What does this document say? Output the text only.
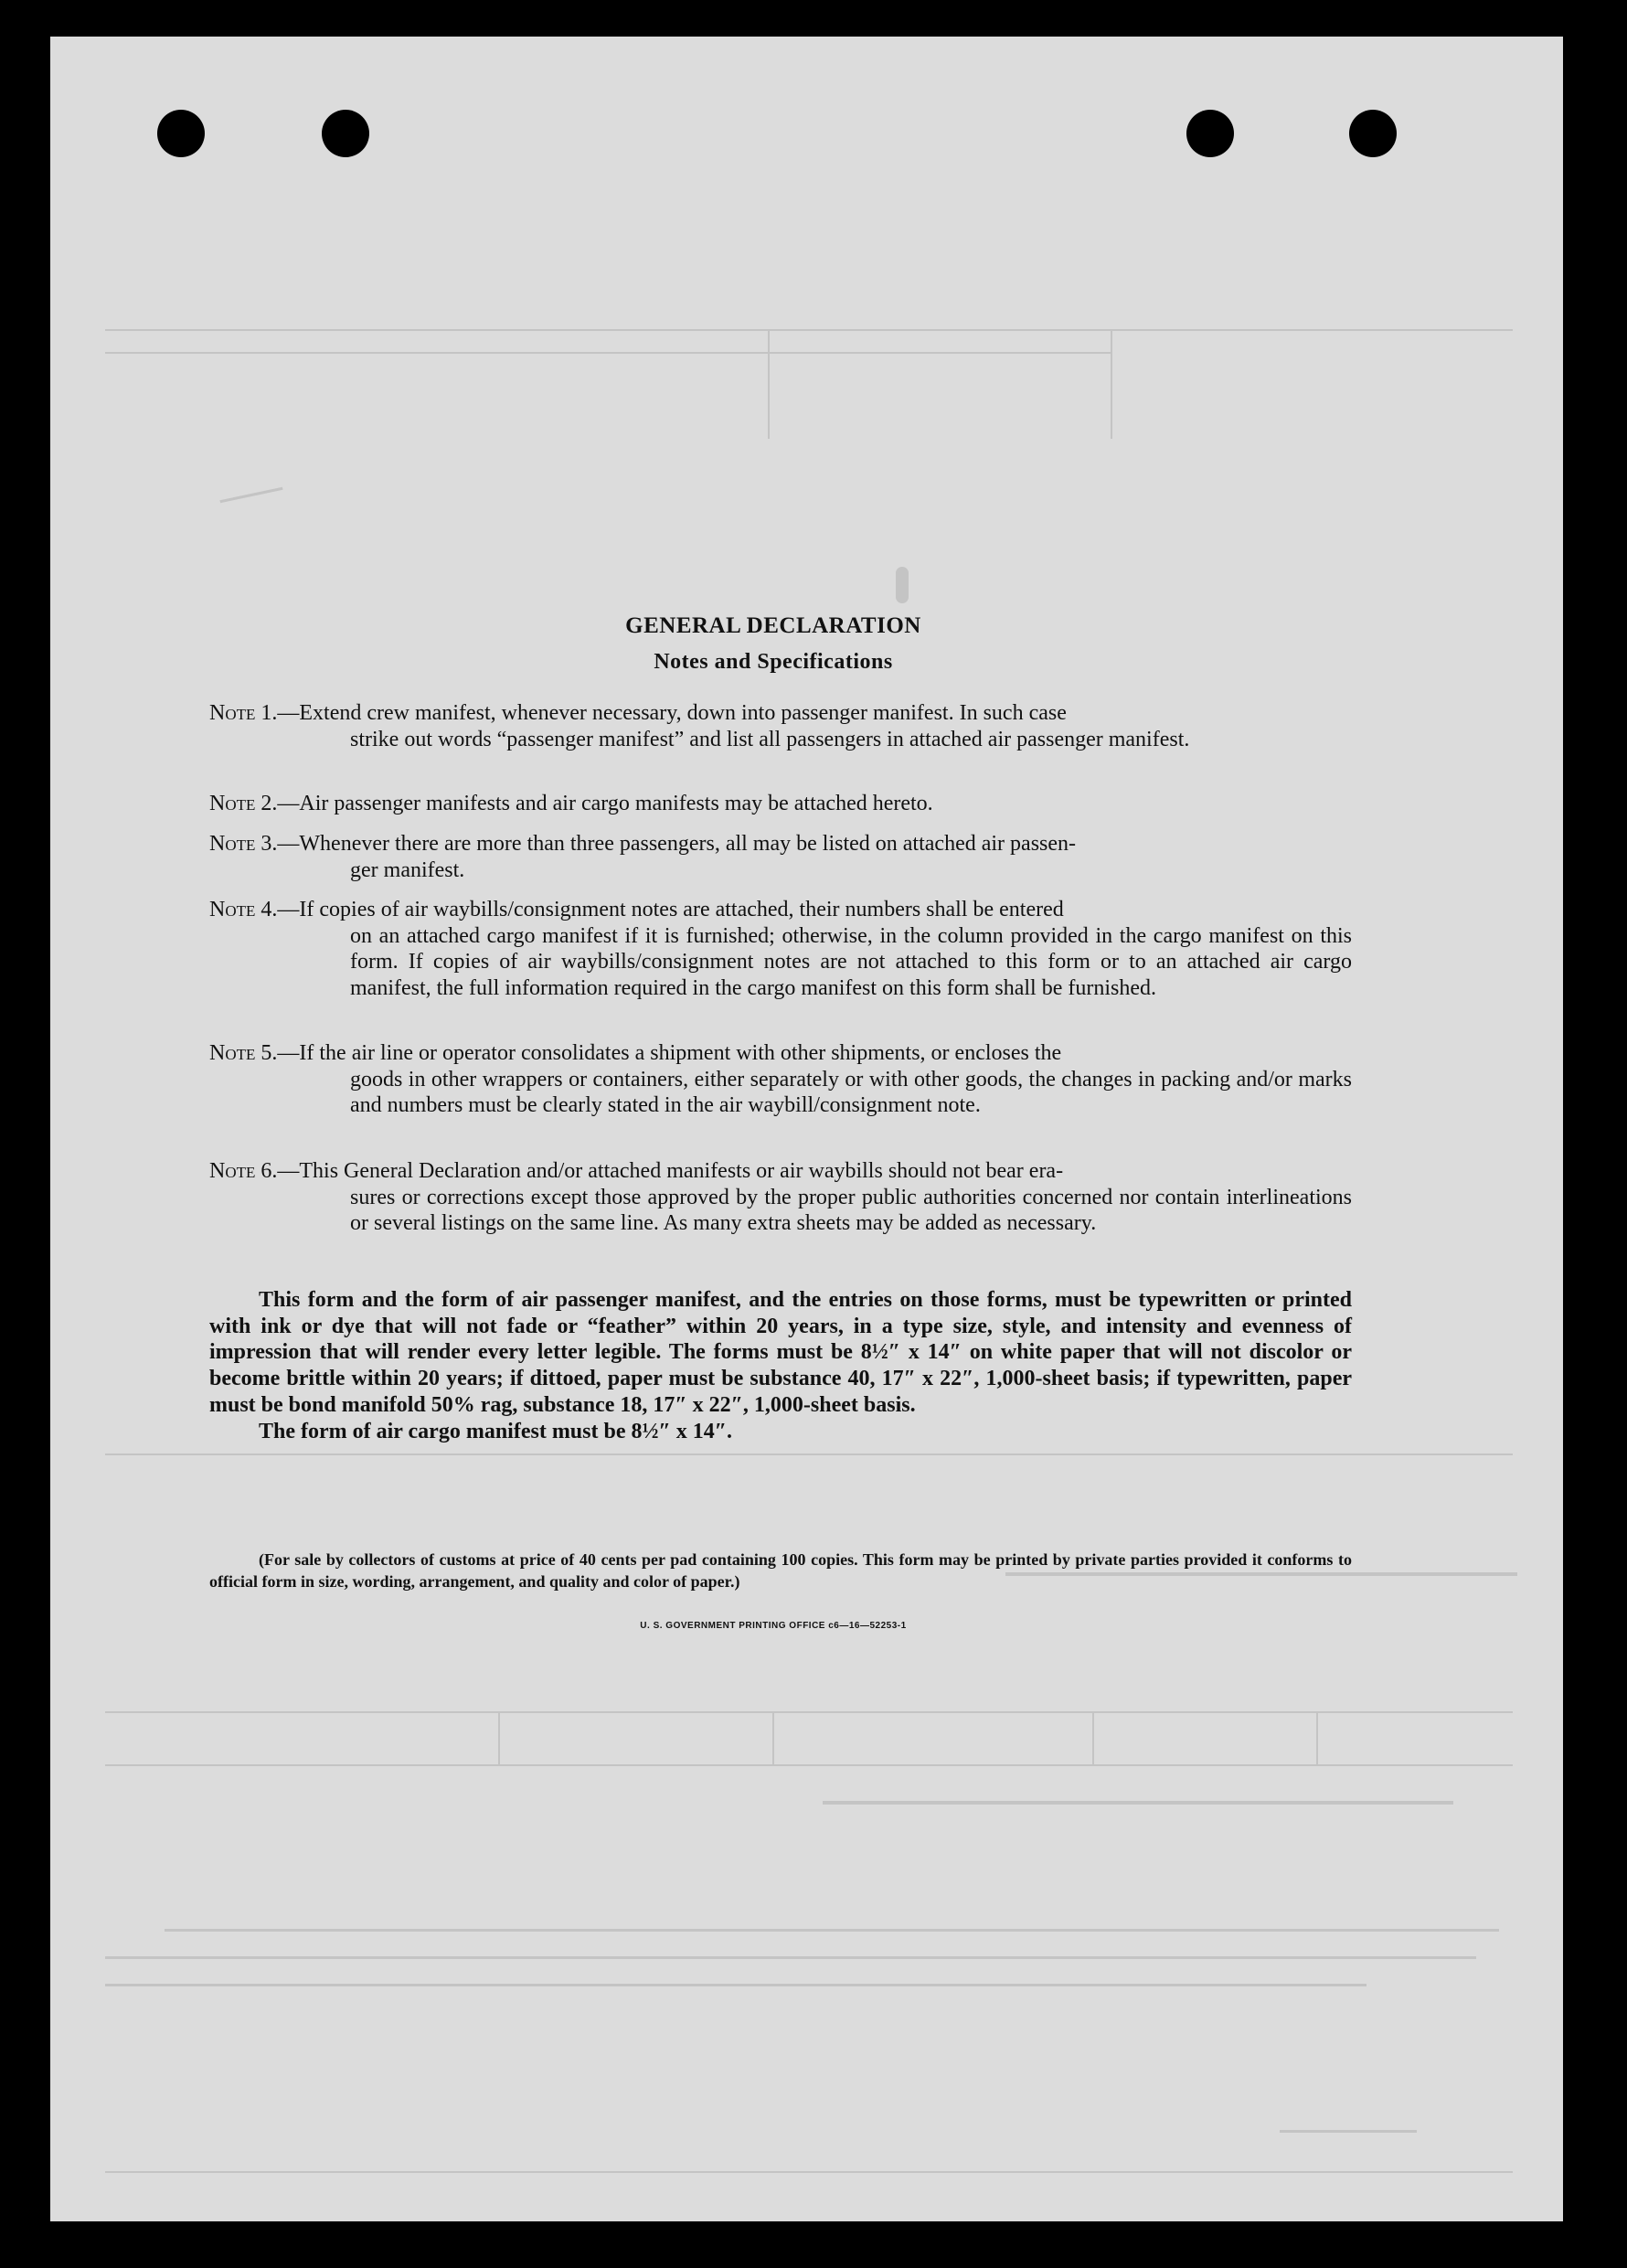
GENERAL DECLARATION
Notes and Specifications
Note 1.—Extend crew manifest, whenever necessary, down into passenger manifest. In such case
strike out words “passenger manifest” and list all passengers in attached air passenger manifest.
Note 2.—Air passenger manifests and air cargo manifests may be attached hereto.
Note 3.—Whenever there are more than three passengers, all may be listed on attached air passen-
ger manifest.
Note 4.—If copies of air waybills/consignment notes are attached, their numbers shall be entered
on an attached cargo manifest if it is furnished; otherwise, in the column provided in the cargo manifest on this form. If copies of air waybills/consignment notes are not attached to this form or to an attached air cargo manifest, the full information required in the cargo manifest on this form shall be furnished.
Note 5.—If the air line or operator consolidates a shipment with other shipments, or encloses the
goods in other wrappers or containers, either separately or with other goods, the changes in packing and/or marks and numbers must be clearly stated in the air waybill/consignment note.
Note 6.—This General Declaration and/or attached manifests or air waybills should not bear era-
sures or corrections except those approved by the proper public authorities concerned nor contain interlineations or several listings on the same line. As many extra sheets may be added as necessary.

This form and the form of air passenger manifest, and the entries on those forms, must be typewritten or printed with ink or dye that will not fade or “feather” within 20 years, in a type size, style, and intensity and evenness of impression that will render every letter legible. The forms must be 8½″ x 14″ on white paper that will not discolor or become brittle within 20 years; if dittoed, paper must be substance 40, 17″ x 22″, 1,000-sheet basis; if typewritten, paper must be bond manifold 50% rag, substance 18, 17″ x 22″, 1,000-sheet basis.

The form of air cargo manifest must be 8½″ x 14″.

(For sale by collectors of customs at price of 40 cents per pad containing 100 copies. This form may be printed by private parties provided it conforms to official form in size, wording, arrangement, and quality and color of paper.)
U. S. GOVERNMENT PRINTING OFFICE c6—16—52253-1
